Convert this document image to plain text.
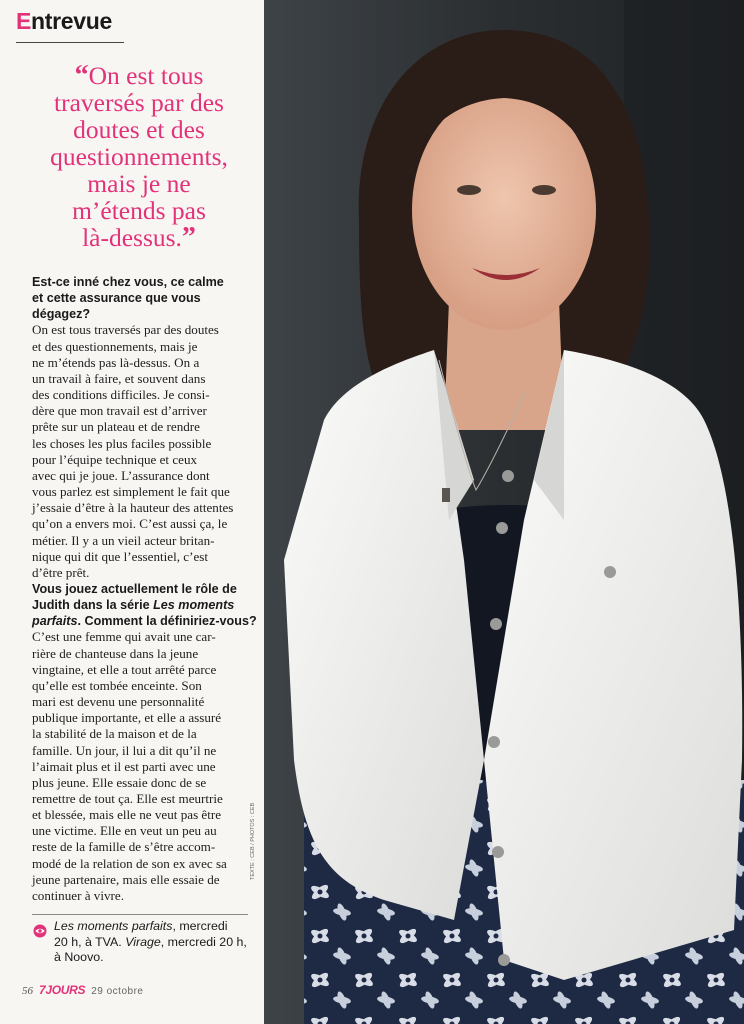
Entrevue
“On est tous
traversés par des
doutes et des
questionnements,
mais je ne
m’étends pas
là-dessus.”
Est-ce inné chez vous, ce calme
et cette assurance que vous
dégagez?
On est tous traversés par des doutes
et des questionnements, mais je
ne m’étends pas là-dessus. On a
un travail à faire, et souvent dans
des conditions difficiles. Je consi-
dère que mon travail est d’arriver
prête sur un plateau et de rendre
les choses les plus faciles possible
pour l’équipe technique et ceux
avec qui je joue. L’assurance dont
vous parlez est simplement le fait que
j’essaie d’être à la hauteur des attentes
qu’on a envers moi. C’est aussi ça, le
métier. Il y a un vieil acteur britan-
nique qui dit que l’essentiel, c’est
d’être prêt.
Vous jouez actuellement le rôle de
Judith dans la série Les moments
parfaits. Comment la définiriez-vous?
C’est une femme qui avait une car-
rière de chanteuse dans la jeune
vingtaine, et elle a tout arrêté parce
qu’elle est tombée enceinte. Son
mari est devenu une personnalité
publique importante, et elle a assuré
la stabilité de la maison et de la
famille. Un jour, il lui a dit qu’il ne
l’aimait plus et il est parti avec une
plus jeune. Elle essaie donc de se
remettre de tout ça. Elle est meurtrie
et blessée, mais elle ne veut pas être
une victime. Elle en veut un peu au
reste de la famille de s’être accom-
modé de la relation de son ex avec sa
jeune partenaire, mais elle essaie de
continuer à vivre.
Les moments parfaits, mercredi
20 h, à TVA. Virage, mercredi 20 h,
à Noovo.
TEXTE : CEB / PHOTOS : CEB
56 7JOURS 29 octobre
